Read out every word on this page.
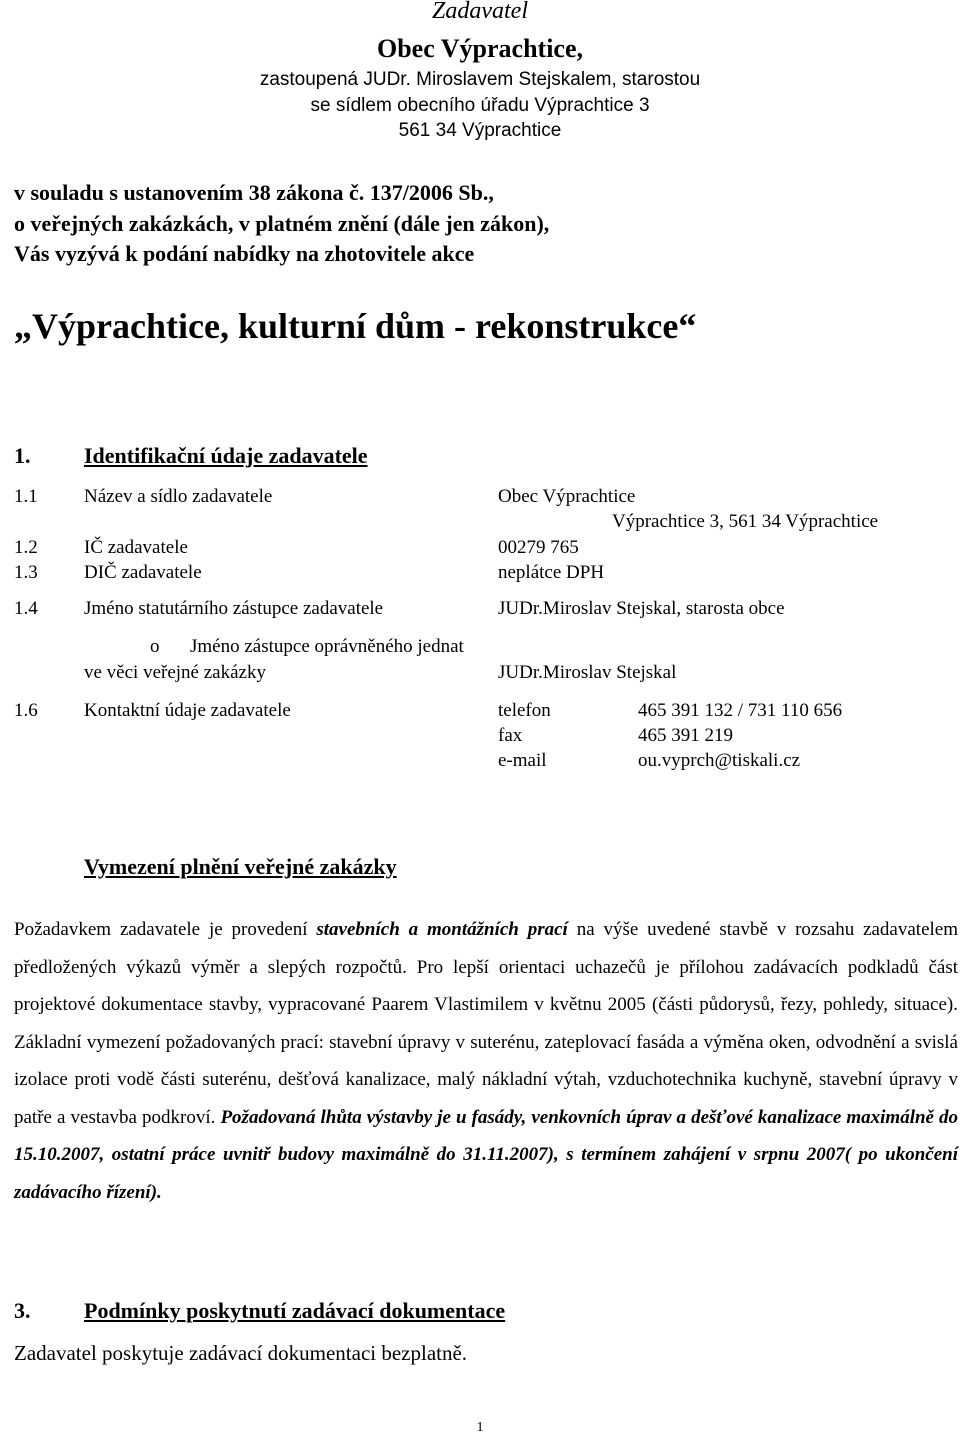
Zadavatel
Obec Výprachtice,
zastoupená JUDr. Miroslavem Stejskalem, starostou
se sídlem obecního úřadu Výprachtice 3
561 34 Výprachtice
v souladu s ustanovením 38 zákona č. 137/2006 Sb.,
o veřejných zakázkách, v platném znění (dále jen zákon),
Vás vyzývá k podání nabídky na zhotovitele akce
„Výprachtice, kulturní dům - rekonstrukce“
1. Identifikační údaje zadavatele
1.1 Název a sídlo zadavatele	Obec Výprachtice
Výprachtice 3, 561 34 Výprachtice
1.2 IČ zadavatele	00279 765
1.3 DIČ zadavatele	neplátce DPH
1.4 Jméno statutárního zástupce zadavatele	JUDr.Miroslav Stejskal, starosta obce
o Jméno zástupce oprávněného jednat
ve věci veřejné zakázky	JUDr.Miroslav Stejskal
1.6 Kontaktní údaje zadavatele	telefon	465 391 132 / 731 110 656
fax	465 391 219
e-mail	ou.vyprch@tiskali.cz
Vymezení plnění veřejné zakázky
Požadavkem zadavatele je provedení stavebních a montážních prací na výše uvedené stavbě v rozsahu zadavatelem předložených výkazů výměr a slepých rozpočtů. Pro lepší orientaci uchazečů je přílohou zadávacích podkladů část projektové dokumentace stavby, vypracované Paarem Vlastimilem v květnu 2005 (části půdorysů, řezy, pohledy, situace). Základní vymezení požadovaných prací: stavební úpravy v suterénu, zateplovací fasáda a výměna oken, odvodnění a svislá izolace proti vodě části suterénu, dešťová kanalizace, malý nákladní výtah, vzduchotechnika kuchyně, stavební úpravy v patře a vestavba podkroví. Požadovaná lhůta výstavby je u fasády, venkovních úprav a dešťové kanalizace maximálně do 15.10.2007, ostatní práce uvnitř budovy maximálně do 31.11.2007), s termínem zahájení v srpnu 2007( po ukončení zadávacího řízení).
3. Podmínky poskytnutí zadávací dokumentace
Zadavatel poskytuje zadávací dokumentaci bezplatně.
1
